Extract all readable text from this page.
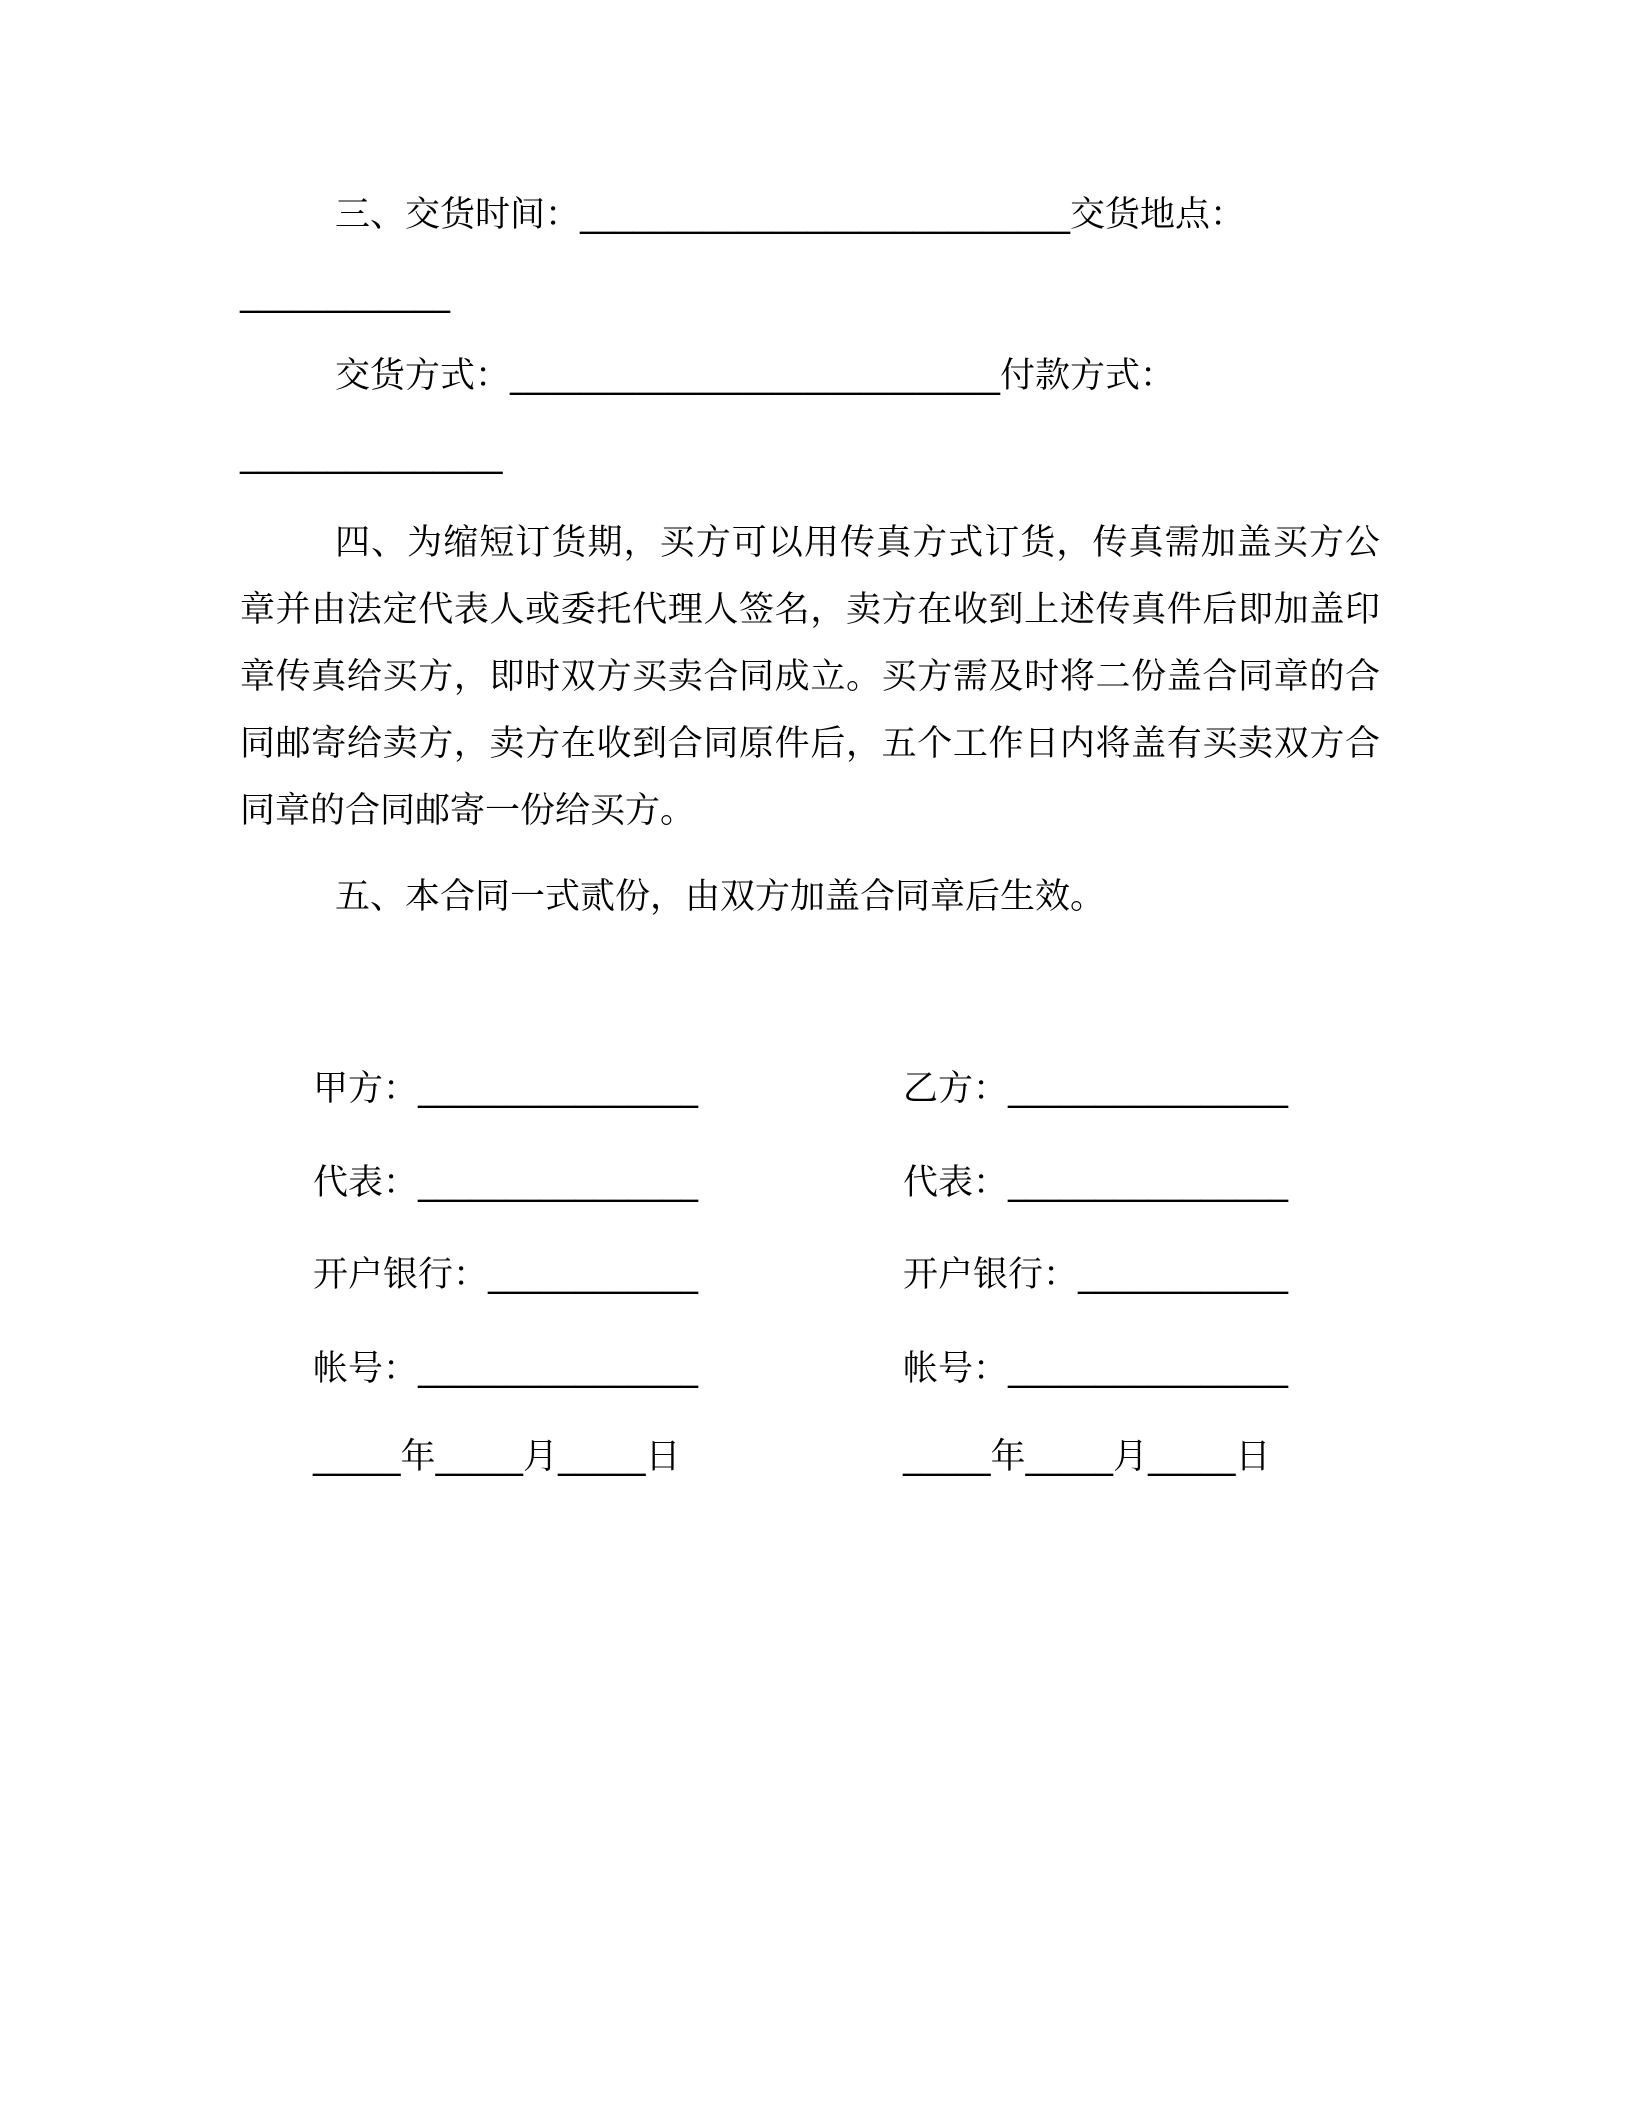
三、交货时间：____________________________交货地点：
____________
交货方式：____________________________付款方式：
_______________
四、为缩短订货期，买方可以用传真方式订货，传真需加盖买方公章并由法定代表人或委托代理人签名，卖方在收到上述传真件后即加盖印章传真给买方，即时双方买卖合同成立。买方需及时将二份盖合同章的合同邮寄给卖方，卖方在收到合同原件后，五个工作日内将盖有买卖双方合同章的合同邮寄一份给买方。
五、本合同一式贰份，由双方加盖合同章后生效。
甲方：________________
代表：________________
开户银行：____________
帐号：________________
_____年_____月_____日
乙方：________________
代表：________________
开户银行：____________
帐号：________________
_____年_____月_____日
